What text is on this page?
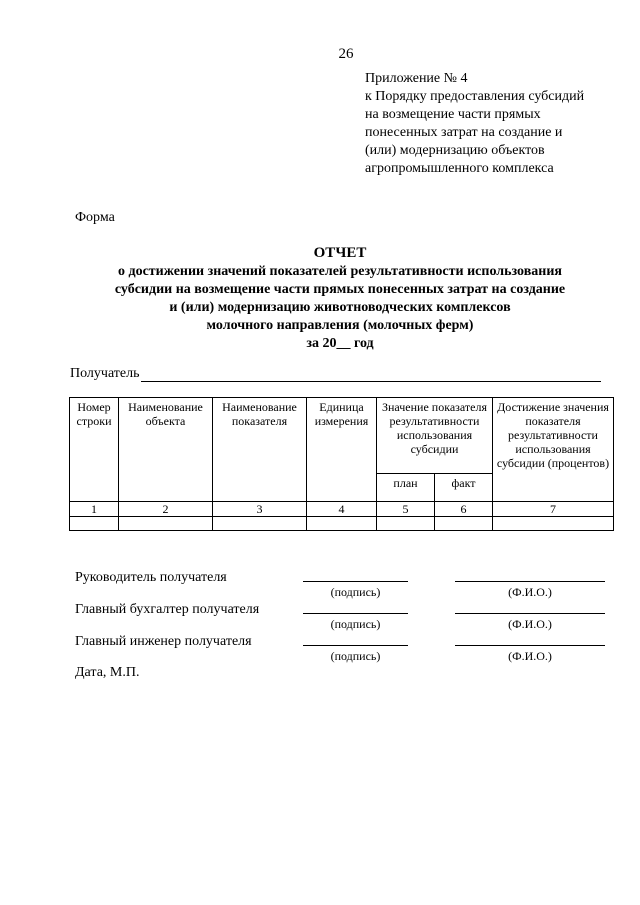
26
Приложение № 4
к Порядку предоставления субсидий
на возмещение части прямых
понесенных затрат на создание и
(или) модернизацию объектов
агропромышленного комплекса
Форма
ОТЧЕТ
о достижении значений показателей результативности использования
субсидии на возмещение части прямых понесенных затрат на создание
и (или) модернизацию животноводческих комплексов
молочного направления (молочных ферм)
за 20__ год
Получатель
Номер строки	Наименование объекта	Наименование показателя	Единица измерения	Значение показателя результативности использования субсидии		Достижение значения показателя результативности использования субсидии (процентов)
				план	факт	
1	2	3	4	5	6	7

Руководитель получателя
(подпись)	(Ф.И.О.)
Главный бухгалтер получателя
(подпись)	(Ф.И.О.)
Главный инженер получателя
(подпись)	(Ф.И.О.)
Дата, М.П.
